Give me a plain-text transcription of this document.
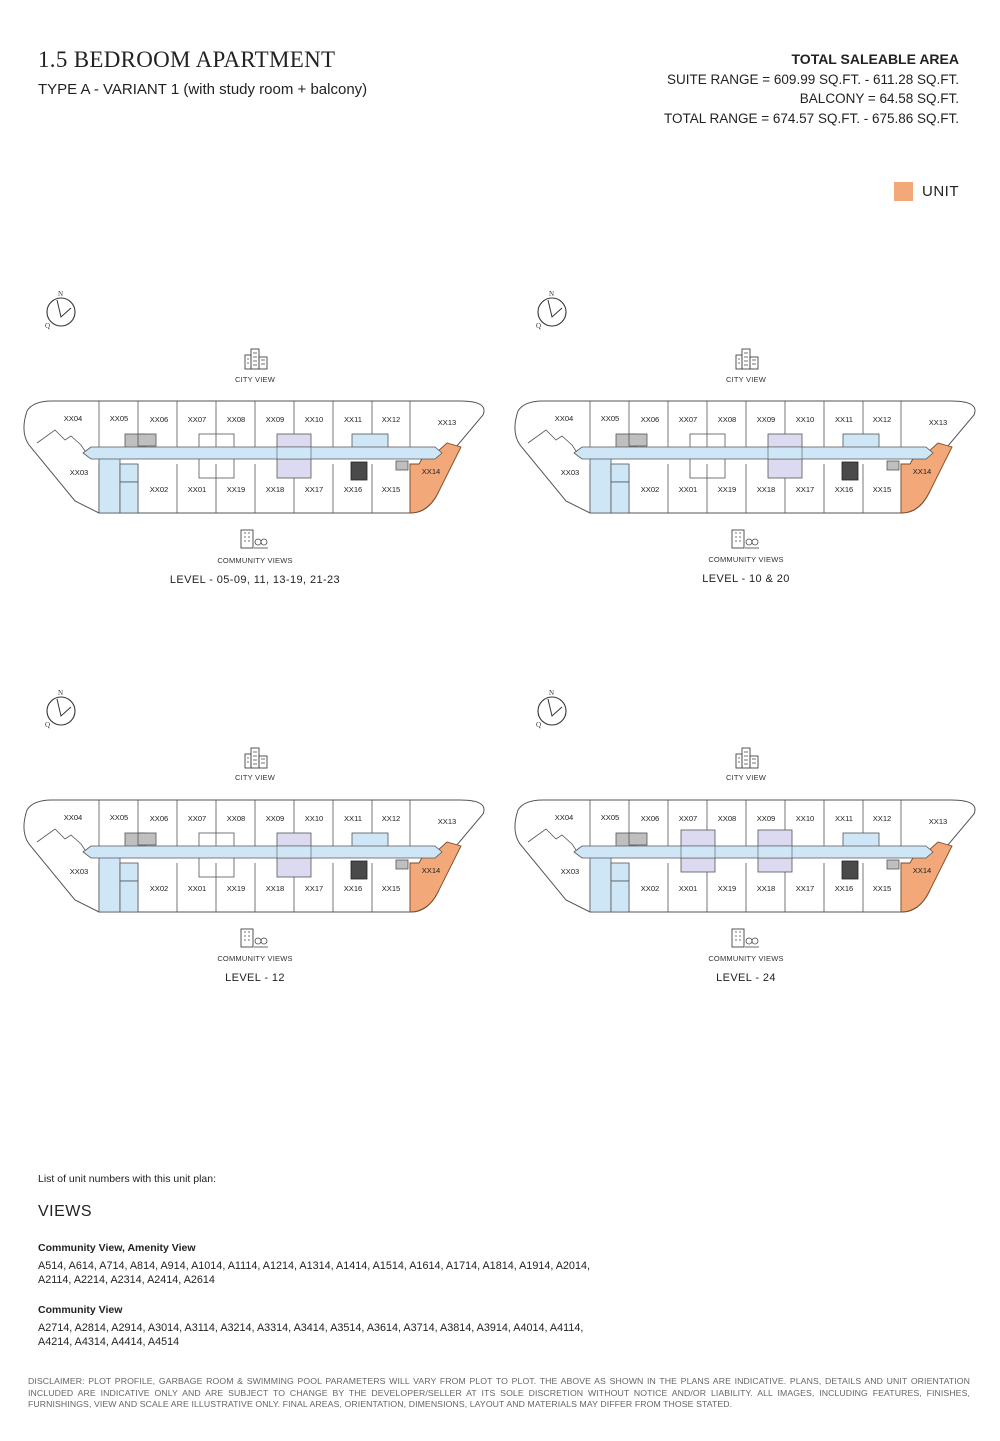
1.5 BEDROOM APARTMENT
TYPE A - VARIANT 1 (with study room + balcony)
TOTAL SALEABLE AREA
SUITE RANGE = 609.99 SQ.FT. - 611.28 SQ.FT.
BALCONY = 64.58 SQ.FT.
TOTAL RANGE = 674.57 SQ.FT. - 675.86 SQ.FT.
UNIT
N
Q
XX04	XX05	XX06	XX07	XX08	XX09	XX10	XX11	XX12	XX13
XX03
XX02	XX01	XX19	XX18	XX17	XX16	XX15
XX14
CITY VIEW
COMMUNITY VIEWS
LEVEL - 05-09, 11, 13-19, 21-23
N
Q
XX04	XX05	XX06	XX07	XX08	XX09	XX10	XX11	XX12	XX13
XX03
XX02	XX01	XX19	XX18	XX17	XX16	XX15
XX14
CITY VIEW
COMMUNITY VIEWS
LEVEL - 10 & 20
N
Q
XX04	XX05	XX06	XX07	XX08	XX09	XX10	XX11	XX12	XX13
XX03
XX02	XX01	XX19	XX18	XX17	XX16	XX15
XX14
CITY VIEW
COMMUNITY VIEWS
LEVEL - 12
N
Q
XX04	XX05	XX06	XX07	XX08	XX09	XX10	XX11	XX12	XX13
XX03
XX02	XX01	XX19	XX18	XX17	XX16	XX15
XX14
CITY VIEW
COMMUNITY VIEWS
LEVEL - 24
List of unit numbers with this unit plan:
VIEWS
Community View, Amenity View
A514, A614, A714, A814, A914, A1014, A1114, A1214, A1314, A1414, A1514, A1614, A1714, A1814, A1914, A2014, A2114, A2214, A2314, A2414, A2614
Community View
A2714, A2814, A2914, A3014, A3114, A3214, A3314, A3414, A3514, A3614, A3714, A3814, A3914, A4014, A4114, A4214, A4314, A4414, A4514
DISCLAIMER: PLOT PROFILE, GARBAGE ROOM & SWIMMING POOL PARAMETERS WILL VARY FROM PLOT TO PLOT. THE ABOVE AS SHOWN IN THE PLANS ARE INDICATIVE. PLANS, DETAILS AND UNIT ORIENTATION INCLUDED ARE INDICATIVE ONLY AND ARE SUBJECT TO CHANGE BY THE DEVELOPER/SELLER AT ITS SOLE DISCRETION WITHOUT NOTICE AND/OR LIABILITY. ALL IMAGES, INCLUDING FEATURES, FINISHES, FURNISHINGS, VIEW AND SCALE ARE ILLUSTRATIVE ONLY. FINAL AREAS, ORIENTATION, DIMENSIONS, LAYOUT AND MATERIALS MAY DIFFER FROM THOSE STATED.
